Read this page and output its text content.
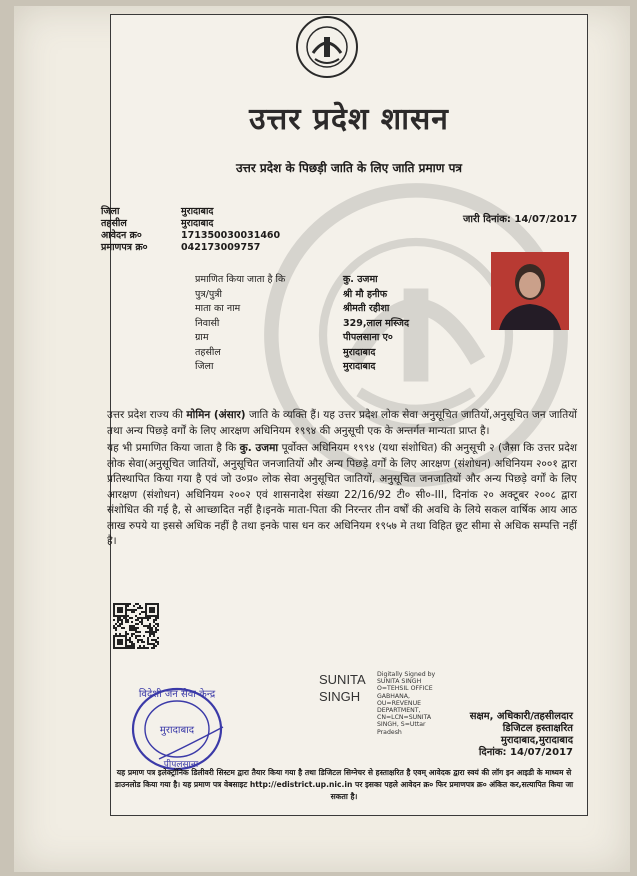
उत्तर प्रदेश शासन
उत्तर प्रदेश के पिछड़ी जाति के लिए जाति प्रमाण पत्र
जिला	मुरादाबाद
तहसील	मुरादाबाद
आवेदन क्र०	171350030031460
प्रमाणपत्र क्र०	042173009757
जारी दिनांक: 14/07/2017
प्रमाणित किया जाता है कि	कु. उजमा
पुत्र/पुत्री	श्री मौ हनीफ
माता का नाम	श्रीमती रहीशा
निवासी	329,लाल मस्जिद
ग्राम	पीपलसाना ए०
तहसील	मुरादाबाद
जिला	मुरादाबाद

उत्तर प्रदेश राज्य की मोमिन (अंसार) जाति के व्यक्ति हैं। यह उत्तर प्रदेश लोक सेवा अनुसूचित जातियों,अनुसूचित जन जातियों तथा अन्य पिछड़े वर्गों के लिए आरक्षण अधिनियम १९९४ की अनुसूची एक के अन्तर्गत मान्यता प्राप्त है।

यह भी प्रमाणित किया जाता है कि कु. उजमा पूर्वोक्त अधिनियम १९९४ (यथा संशोधित) की अनुसूची २ (जैसा कि उत्तर प्रदेश लोक सेवा(अनुसूचित जातियों, अनुसूचित जनजातियों और अन्य पिछड़े वर्गों के लिए आरक्षण (संशोधन) अधिनियम २००१ द्वारा प्रतिस्थापित किया गया है एवं जो उ०प्र० लोक सेवा अनुसूचित जातियों, अनुसूचित जनजातियों और अन्य पिछड़े वर्गों के लिए आरक्षण (संशोधन) अधिनियम २००२ एवं शासनादेश संख्या 22/16/92 टी० सी०-III, दिनांक २० अक्टूबर २००८ द्वारा संशोधित की गई है, से आच्छादित नहीं है।इनके माता-पिता की निरन्तर तीन वर्षों की अवधि के लिये सकल वार्षिक आय आठ लाख रुपये या इससे अधिक नहीं है तथा इनके पास धन कर अधिनियम १९५७ मे तथा विहित छूट सीमा से अधिक सम्पत्ति नहीं है।

विदेशी जन सेवा केन्द्र
मुरादाबाद
पीपलसाना
SUNITA
SINGH
Digitally Signed by SUNITA SINGH O=TEHSIL OFFICE GABHANA, OU=REVENUE DEPARTMENT, CN=LCN=SUNITA SINGH, S=Uttar Pradesh
सक्षम, अधिकारी/तहसीलदार
डिजिटल हस्ताक्षरित
मुरादाबाद,मुरादाबाद
दिनांक: 14/07/2017
यह प्रमाण पत्र इलेक्ट्रॉनिक डिलीवरी सिस्टम द्वारा तैयार किया गया है तथा डिजिटल सिग्नेचर से हस्ताक्षरित है एवम् आवेदक द्वारा स्वयं की लॉग इन आइडी के माध्यम से डाउनलोड किया गया है। यह प्रमाण पत्र वेबसाइट http://edistrict.up.nic.in पर इसका पहले आवेदन क्र० फिर प्रमाणपत्र क्र० अंकित कर,सत्यापित किया जा सकता है।
